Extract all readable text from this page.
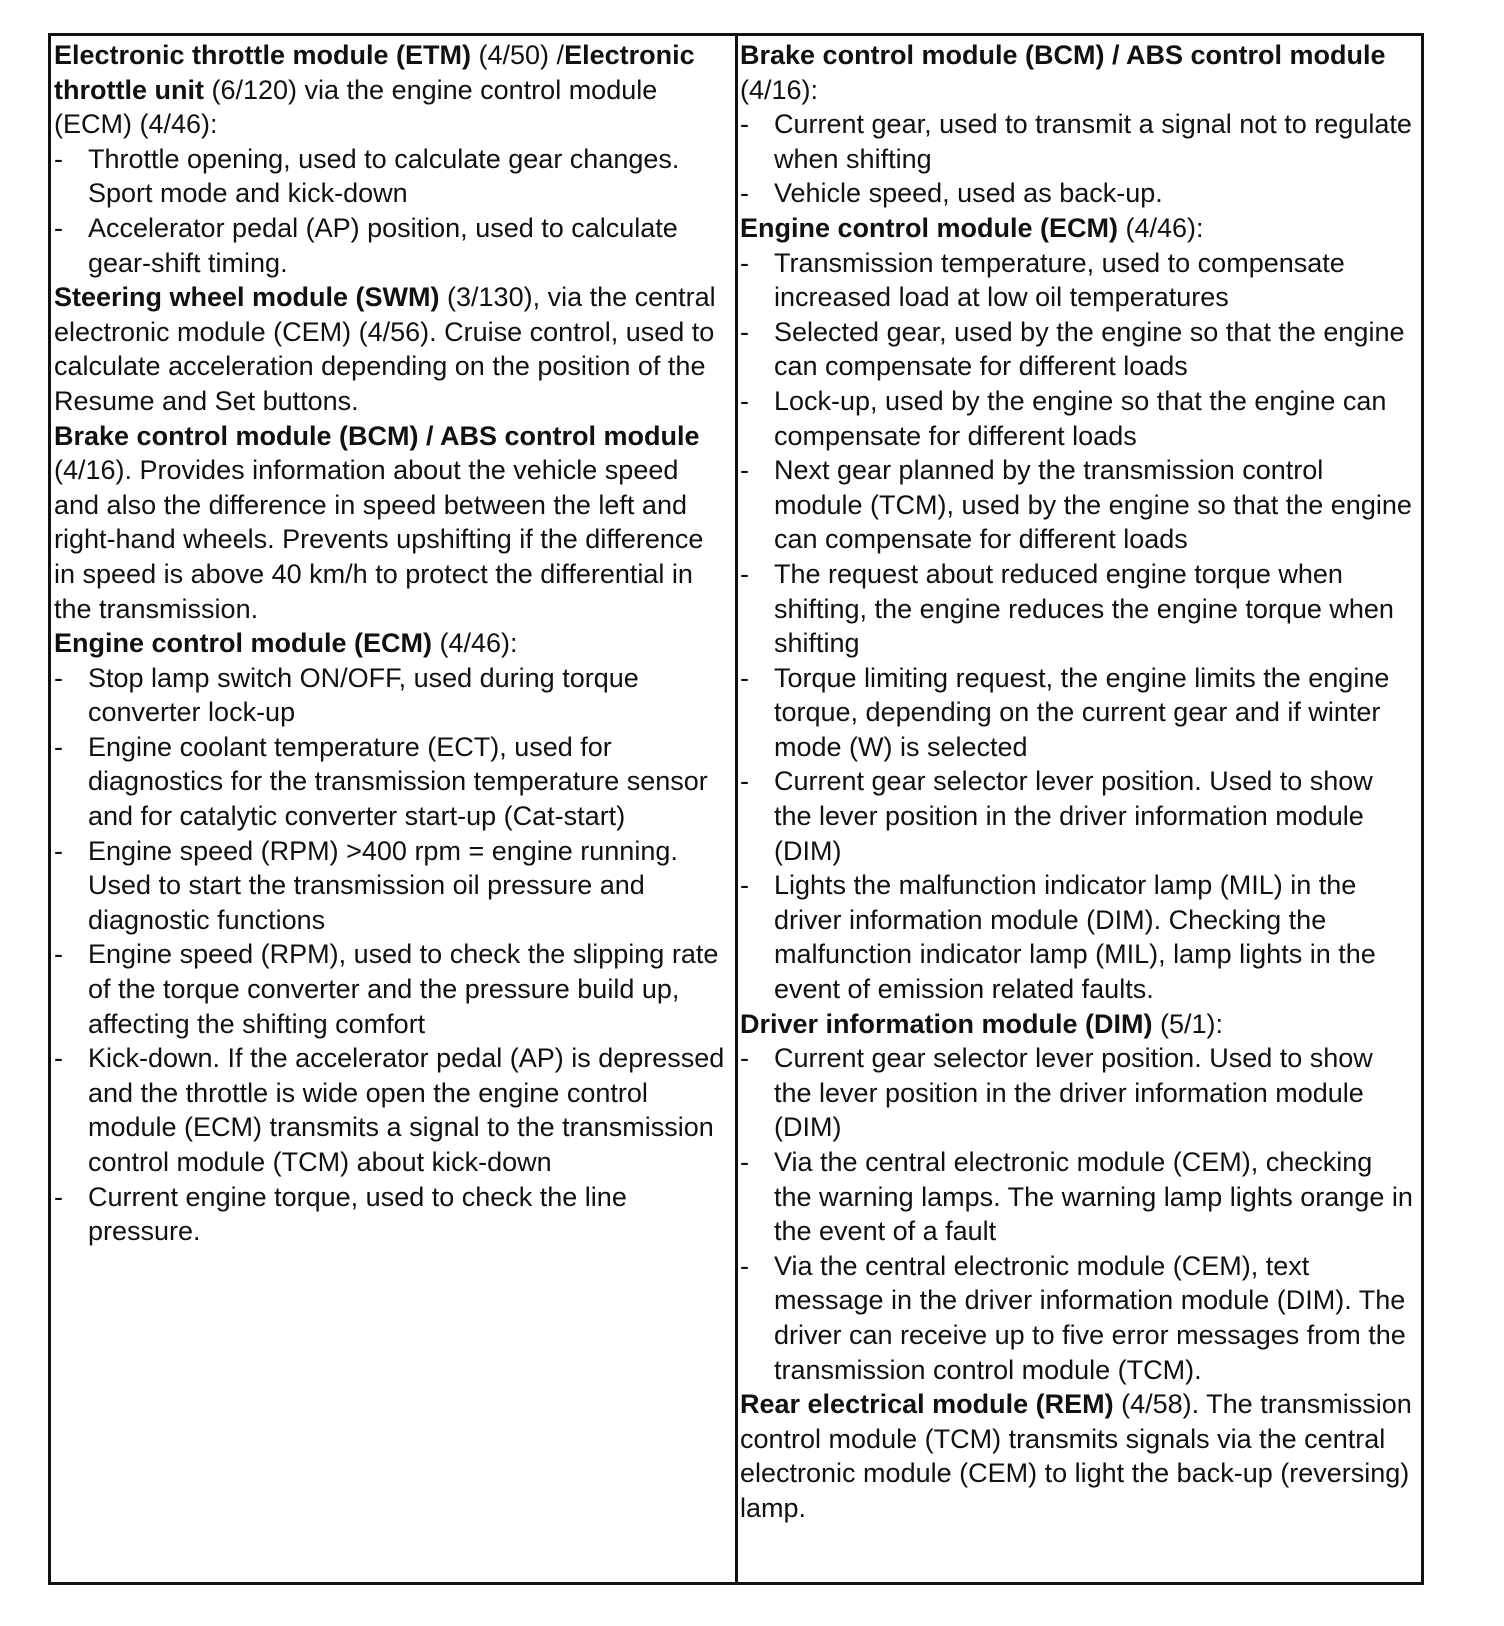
Electronic throttle module (ETM) (4/50) /Electronic throttle unit (6/120) via the engine control module (ECM) (4/46):
- Throttle opening, used to calculate gear changes. Sport mode and kick-down
- Accelerator pedal (AP) position, used to calculate gear-shift timing.
Steering wheel module (SWM) (3/130), via the central electronic module (CEM) (4/56). Cruise control, used to calculate acceleration depending on the position of the Resume and Set buttons.
Brake control module (BCM) / ABS control module (4/16). Provides information about the vehicle speed and also the difference in speed between the left and right-hand wheels. Prevents upshifting if the difference in speed is above 40 km/h to protect the differential in the transmission.
Engine control module (ECM) (4/46):
- Stop lamp switch ON/OFF, used during torque converter lock-up
- Engine coolant temperature (ECT), used for diagnostics for the transmission temperature sensor and for catalytic converter start-up (Cat-start)
- Engine speed (RPM) >400 rpm = engine running. Used to start the transmission oil pressure and diagnostic functions
- Engine speed (RPM), used to check the slipping rate of the torque converter and the pressure build up, affecting the shifting comfort
- Kick-down. If the accelerator pedal (AP) is depressed and the throttle is wide open the engine control module (ECM) transmits a signal to the transmission control module (TCM) about kick-down
- Current engine torque, used to check the line pressure.
Brake control module (BCM) / ABS control module (4/16):
- Current gear, used to transmit a signal not to regulate when shifting
- Vehicle speed, used as back-up.
Engine control module (ECM) (4/46):
- Transmission temperature, used to compensate increased load at low oil temperatures
- Selected gear, used by the engine so that the engine can compensate for different loads
- Lock-up, used by the engine so that the engine can compensate for different loads
- Next gear planned by the transmission control module (TCM), used by the engine so that the engine can compensate for different loads
- The request about reduced engine torque when shifting, the engine reduces the engine torque when shifting
- Torque limiting request, the engine limits the engine torque, depending on the current gear and if winter mode (W) is selected
- Current gear selector lever position. Used to show the lever position in the driver information module (DIM)
- Lights the malfunction indicator lamp (MIL) in the driver information module (DIM). Checking the malfunction indicator lamp (MIL), lamp lights in the event of emission related faults.
Driver information module (DIM) (5/1):
- Current gear selector lever position. Used to show the lever position in the driver information module (DIM)
- Via the central electronic module (CEM), checking the warning lamps. The warning lamp lights orange in the event of a fault
- Via the central electronic module (CEM), text message in the driver information module (DIM). The driver can receive up to five error messages from the transmission control module (TCM).
Rear electrical module (REM) (4/58). The transmission control module (TCM) transmits signals via the central electronic module (CEM) to light the back-up (reversing) lamp.
